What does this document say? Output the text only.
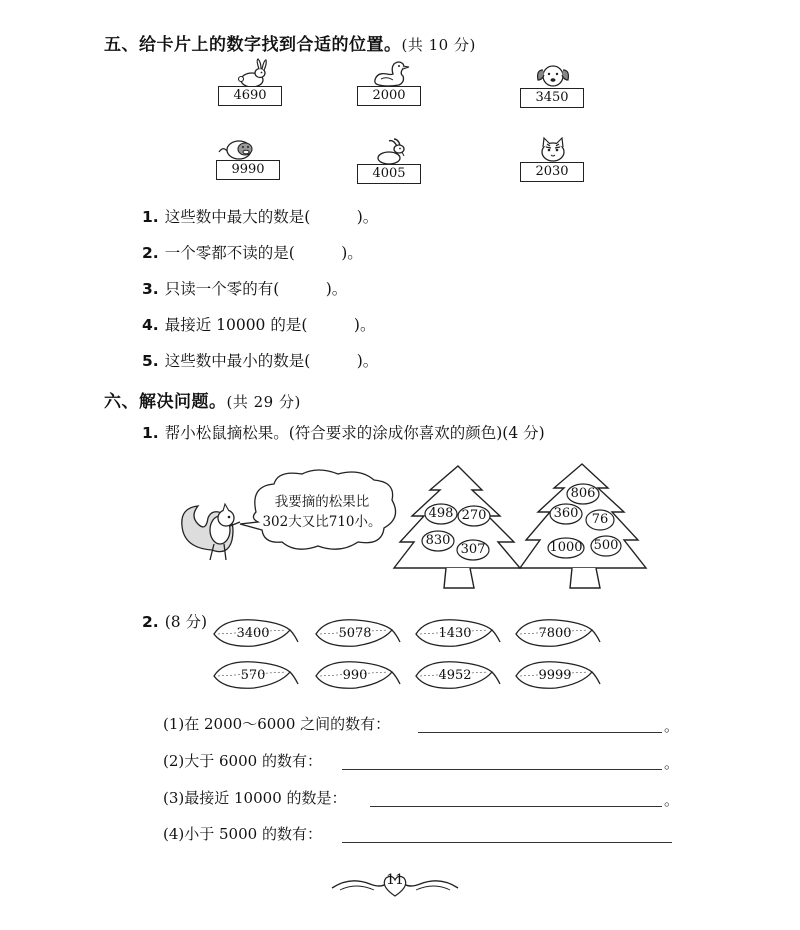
五、给卡片上的数字找到合适的位置。(共 10 分)
4690	2000	3450
9990	4005	2030
1. 这些数中最大的数是(　　　)。
2. 一个零都不读的是(　　　)。
3. 只读一个零的有(　　　)。
4. 最接近 10000 的是(　　　)。
5. 这些数中最小的数是(　　　)。
六、解决问题。(共 29 分)
1. 帮小松鼠摘松果。(符合要求的涂成你喜欢的颜色)(4 分)
我要摘的松果比
302大又比710小。
498 270
830
307
806
360	76
1000 500
2. (8 分)
3400	5078	1430	7800
570	990	4952	9999
(1)在 2000～6000 之间的数有：	。
(2)大于 6000 的数有：	。
(3)最接近 10000 的数是：	。
(4)小于 5000 的数有：
11
